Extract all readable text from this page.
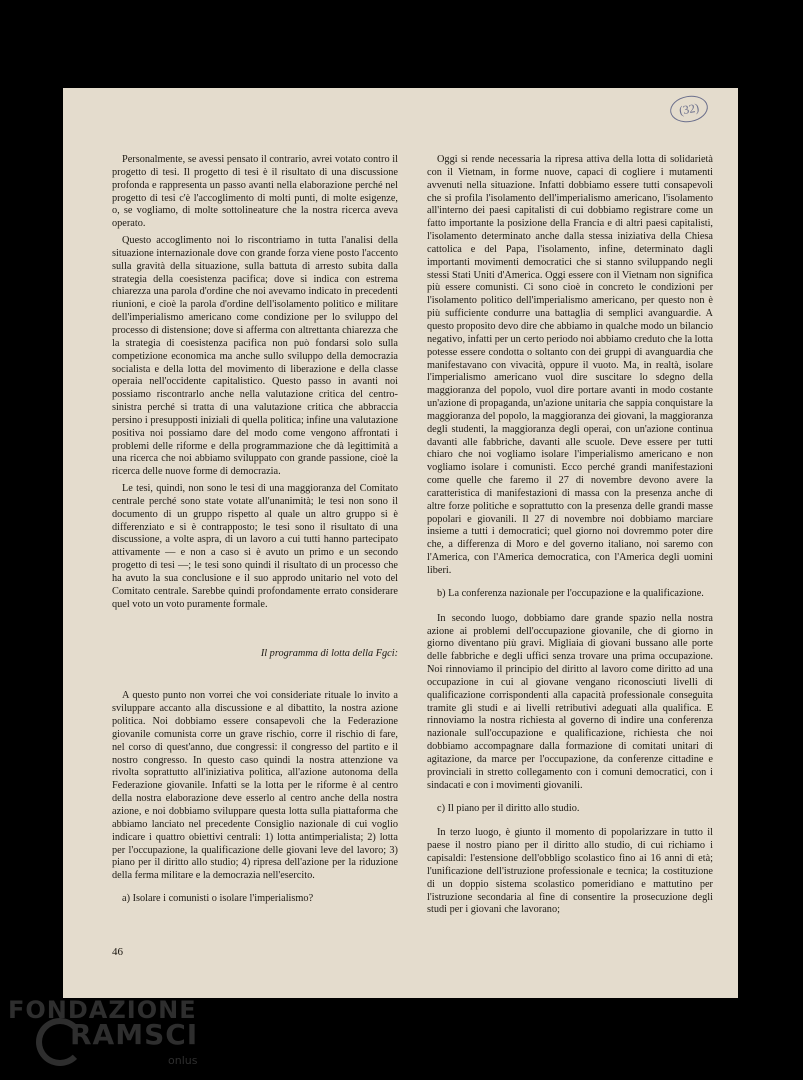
(32)

Personalmente, se avessi pensato il contrario, avrei votato contro il progetto di tesi. Il progetto di tesi è il risultato di una discussione profonda e rappresenta un passo avanti nella elaborazione perché nel progetto di tesi c'è l'accoglimento di molti punti, di molte esigenze, o, se vogliamo, di molte sottolineature che la nostra ricerca aveva operato.

Questo accoglimento noi lo riscontriamo in tutta l'analisi della situazione internazionale dove con grande forza viene posto l'accento sulla gravità della situazione, sulla battuta di arresto subita dalla strategia della coesistenza pacifica; dove si indica con estrema chiarezza una parola d'ordine che noi avevamo indicato in precedenti riunioni, e cioè la parola d'ordine dell'isolamento politico e militare dell'imperialismo americano come condizione per lo sviluppo del processo di distensione; dove si afferma con altrettanta chiarezza che la strategia di coesistenza pacifica non può fondarsi solo sulla competizione economica ma anche sullo sviluppo della democrazia socialista e della lotta del movimento di liberazione e della classe operaia nell'occidente capitalistico. Questo passo in avanti noi possiamo riscontrarlo anche nella valutazione critica del centro-sinistra perché si tratta di una valutazione critica che abbraccia persino i presupposti iniziali di quella politica; infine una valutazione positiva noi possiamo dare del modo come vengono affrontati i problemi delle riforme e della programmazione che dà legittimità a una ricerca che noi abbiamo sviluppato con grande passione, cioè la ricerca delle nuove forme di democrazia.

Le tesi, quindi, non sono le tesi di una maggioranza del Comitato centrale perché sono state votate all'unanimità; le tesi non sono il documento di un gruppo rispetto al quale un altro gruppo si è differenziato e si è contrapposto; le tesi sono il risultato di una discussione, a volte aspra, di un lavoro a cui tutti hanno partecipato attivamente — e non a caso si è avuto un primo e un secondo progetto di tesi —; le tesi sono quindi il risultato di un processo che ha avuto la sua conclusione e il suo approdo unitario nel voto del Comitato centrale. Sarebbe quindi profondamente errato considerare quel voto un voto puramente formale.

Il programma di lotta della Fgci:

A questo punto non vorrei che voi consideriate rituale lo invito a sviluppare accanto alla discussione e al dibattito, la nostra azione politica. Noi dobbiamo essere consapevoli che la Federazione giovanile comunista corre un grave rischio, corre il rischio di fare, nel corso di quest'anno, due congressi: il congresso del partito e il nostro congresso. In questo caso quindi la nostra attenzione va rivolta soprattutto all'iniziativa politica, all'azione autonoma della Federazione giovanile. Infatti se la lotta per le riforme è al centro della nostra elaborazione deve esserlo al centro anche della nostra azione, e noi dobbiamo sviluppare questa lotta sulla piattaforma che abbiamo lanciato nel precedente Consiglio nazionale di cui voglio indicare i quattro obiettivi centrali: 1) lotta antimperialista; 2) lotta per l'occupazione, la qualificazione delle giovani leve del lavoro; 3) piano per il diritto allo studio; 4) ripresa dell'azione per la riduzione della ferma militare e la democrazia nell'esercito.

a) Isolare i comunisti o isolare l'imperialismo?

Oggi si rende necessaria la ripresa attiva della lotta di solidarietà con il Vietnam, in forme nuove, capaci di cogliere i mutamenti avvenuti nella situazione. Infatti dobbiamo essere tutti consapevoli che si profila l'isolamento dell'imperialismo americano, l'isolamento all'interno dei paesi capitalisti di cui dobbiamo registrare come un fatto importante la posizione della Francia e di altri paesi capitalisti, l'isolamento determinato anche dalla stessa iniziativa della Chiesa cattolica e del Papa, l'isolamento, infine, determinato dagli importanti movimenti democratici che si stanno sviluppando negli stessi Stati Uniti d'America. Oggi essere con il Vietnam non significa più essere comunisti. Ci sono cioè in concreto le condizioni per l'isolamento politico dell'imperialismo americano, per questo non è più sufficiente condurre una battaglia di semplici avanguardie. A questo proposito devo dire che abbiamo in qualche modo un bilancio negativo, infatti per un certo periodo noi abbiamo creduto che la lotta potesse essere condotta o soltanto con dei gruppi di avanguardia che manifestavano con vivacità, oppure il vuoto. Ma, in realtà, isolare l'imperialismo americano vuol dire suscitare lo sdegno della maggioranza del popolo, vuol dire portare avanti in modo costante un'azione di propaganda, un'azione unitaria che sappia conquistare la maggioranza del popolo, la maggioranza dei giovani, la maggioranza degli studenti, la maggioranza degli operai, con un'azione continua davanti alle fabbriche, davanti alle scuole. Deve essere per tutti chiaro che noi vogliamo isolare l'imperialismo americano e non vogliamo isolare i comunisti. Ecco perché grandi manifestazioni come quelle che faremo il 27 di novembre devono avere la caratteristica di manifestazioni di massa con la presenza anche di altre forze politiche e soprattutto con la presenza delle grandi masse popolari e giovanili. Il 27 di novembre noi dobbiamo marciare insieme a tutti i democratici; quel giorno noi dovremmo poter dire che, a differenza di Moro e del governo italiano, noi saremo con l'America, con l'America democratica, con l'America degli uomini liberi.

b) La conferenza nazionale per l'occupazione e la qualificazione.

In secondo luogo, dobbiamo dare grande spazio nella nostra azione ai problemi dell'occupazione giovanile, che di giorno in giorno diventano più gravi. Migliaia di giovani bussano alle porte delle fabbriche e degli uffici senza trovare una prima occupazione. Noi rinnoviamo il principio del diritto al lavoro come diritto ad una occupazione in cui al giovane vengano riconosciuti livelli di qualificazione corrispondenti alla capacità professionale conseguita tramite gli studi e ai livelli retributivi adeguati alla qualifica. E rinnoviamo la nostra richiesta al governo di indire una conferenza nazionale sull'occupazione e qualificazione, richiesta che noi dobbiamo accompagnare dalla formazione di comitati unitari di agitazione, da marce per l'occupazione, da conferenze cittadine e provinciali in stretto collegamento con i comuni democratici, con i sindacati e con i movimenti giovanili.

c) Il piano per il diritto allo studio.

In terzo luogo, è giunto il momento di popolarizzare in tutto il paese il nostro piano per il diritto allo studio, di cui richiamo i capisaldi: l'estensione dell'obbligo scolastico fino ai 16 anni di età; l'unificazione dell'istruzione professionale e tecnica; la costituzione di un doppio sistema scolastico pomeridiano e mattutino per l'istruzione secondaria al fine di consentire la prosecuzione degli studi per i giovani che lavorano;

46
FONDAZIONE
RAMSCI
onlus
